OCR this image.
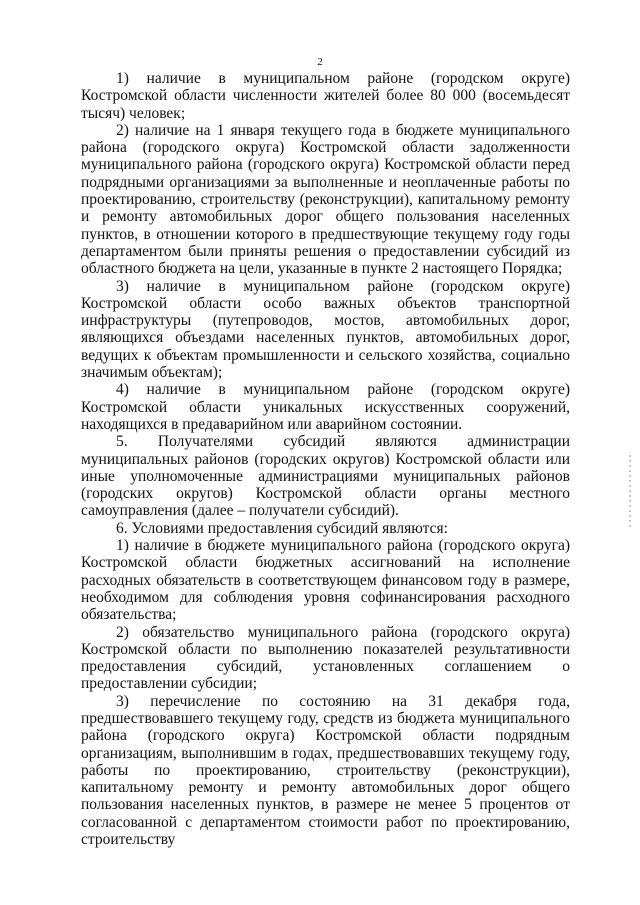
2

1) наличие в муниципальном районе (городском округе) Костромской области численности жителей более 80 000 (восемьдесят тысяч) человек;

2) наличие на 1 января текущего года в бюджете муниципального района (городского округа) Костромской области задолженности муниципального района (городского округа) Костромской области перед подрядными организациями за выполненные и неоплаченные работы по проектированию, строительству (реконструкции), капитальному ремонту и ремонту автомобильных дорог общего пользования населенных пунктов, в отношении которого в предшествующие текущему году годы департаментом были приняты решения о предоставлении субсидий из областного бюджета на цели, указанные в пункте 2 настоящего Порядка;

3) наличие в муниципальном районе (городском округе) Костромской области особо важных объектов транспортной инфраструктуры (путепроводов, мостов, автомобильных дорог, являющихся объездами населенных пунктов, автомобильных дорог, ведущих к объектам промышленности и сельского хозяйства, социально значимым объектам);

4) наличие в муниципальном районе (городском округе) Костромской области уникальных искусственных сооружений, находящихся в предаварийном или аварийном состоянии.

5. Получателями субсидий являются администрации муниципальных районов (городских округов) Костромской области или иные уполномоченные администрациями муниципальных районов (городских округов) Костромской области органы местного самоуправления (далее – получатели субсидий).

6. Условиями предоставления субсидий являются:

1) наличие в бюджете муниципального района (городского округа) Костромской области бюджетных ассигнований на исполнение расходных обязательств в соответствующем финансовом году в размере, необходимом для соблюдения уровня софинансирования расходного обязательства;

2) обязательство муниципального района (городского округа) Костромской области по выполнению показателей результативности предоставления субсидий, установленных соглашением о предоставлении субсидии;

3) перечисление по состоянию на 31 декабря года, предшествовавшего текущему году, средств из бюджета муниципального района (городского округа) Костромской области подрядным организациям, выполнившим в годах, предшествовавших текущему году, работы по проектированию, строительству (реконструкции), капитальному ремонту и ремонту автомобильных дорог общего пользования населенных пунктов, в размере не менее 5 процентов от согласованной с департаментом стоимости работ по проектированию, строительству
